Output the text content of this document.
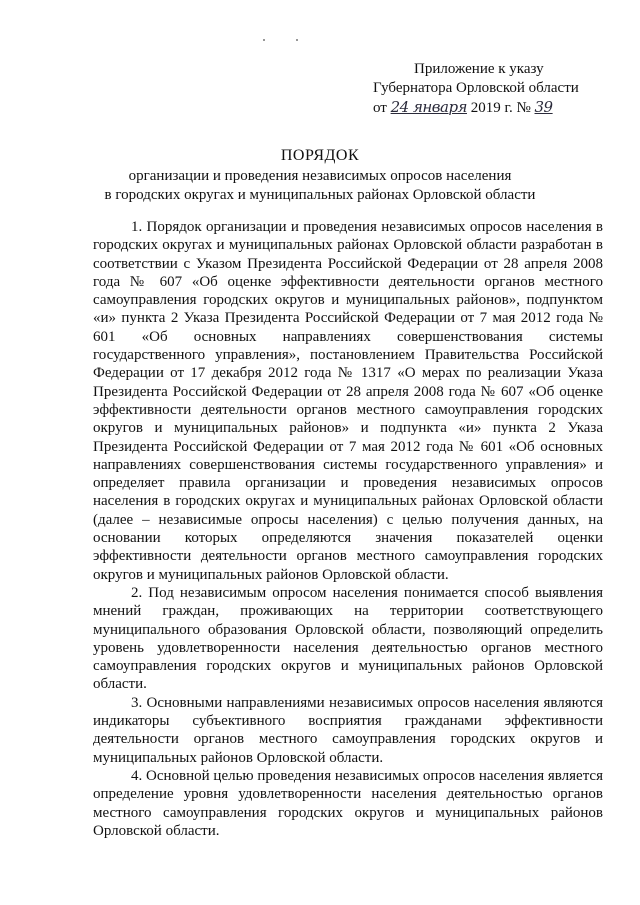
Приложение к указу
Губернатора Орловской области
от 24 января 2019 г. № 39
ПОРЯДОК
организации и проведения независимых опросов населения
в городских округах и муниципальных районах Орловской области

1. Порядок организации и проведения независимых опросов населения в городских округах и муниципальных районах Орловской области разработан в соответствии с Указом Президента Российской Федерации от 28 апреля 2008 года № 607 «Об оценке эффективности деятельности органов местного самоуправления городских округов и муниципальных районов», подпунктом «и» пункта 2 Указа Президента Российской Федерации от 7 мая 2012 года № 601 «Об основных направлениях совершенствования системы государственного управления», постановлением Правительства Российской Федерации от 17 декабря 2012 года № 1317 «О мерах по реализации Указа Президента Российской Федерации от 28 апреля 2008 года № 607 «Об оценке эффективности деятельности органов местного самоуправления городских округов и муниципальных районов» и подпункта «и» пункта 2 Указа Президента Российской Федерации от 7 мая 2012 года № 601 «Об основных направлениях совершенствования системы государственного управления» и определяет правила организации и проведения независимых опросов населения в городских округах и муниципальных районах Орловской области (далее – независимые опросы населения) с целью получения данных, на основании которых определяются значения показателей оценки эффективности деятельности органов местного самоуправления городских округов и муниципальных районов Орловской области.

2. Под независимым опросом населения понимается способ выявления мнений граждан, проживающих на территории соответствующего муниципального образования Орловской области, позволяющий определить уровень удовлетворенности населения деятельностью органов местного самоуправления городских округов и муниципальных районов Орловской области.

3. Основными направлениями независимых опросов населения являются индикаторы субъективного восприятия гражданами эффективности деятельности органов местного самоуправления городских округов и муниципальных районов Орловской области.

4. Основной целью проведения независимых опросов населения является определение уровня удовлетворенности населения деятельностью органов местного самоуправления городских округов и муниципальных районов Орловской области.
